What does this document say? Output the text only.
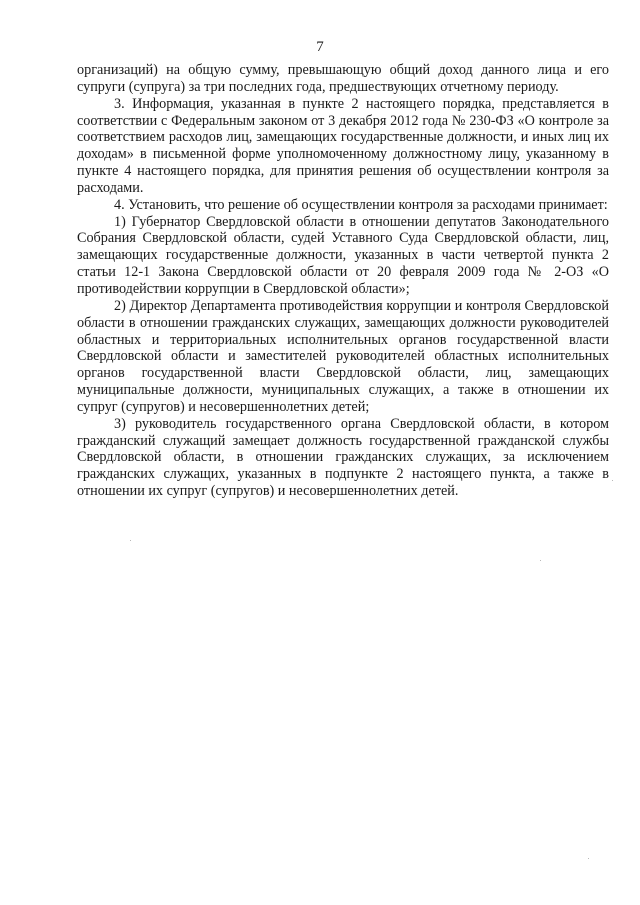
7

организаций) на общую сумму, превышающую общий доход данного лица и его супруги (супруга) за три последних года, предшествующих отчетному периоду.

3. Информация, указанная в пункте 2 настоящего порядка, представляется в соответствии с Федеральным законом от 3 декабря 2012 года № 230-ФЗ «О контроле за соответствием расходов лиц, замещающих государственные должности, и иных лиц их доходам» в письменной форме уполномоченному должностному лицу, указанному в пункте 4 настоящего порядка, для принятия решения об осуществлении контроля за расходами.

4. Установить, что решение об осуществлении контроля за расходами принимает:

1) Губернатор Свердловской области в отношении депутатов Законодательного Собрания Свердловской области, судей Уставного Суда Свердловской области, лиц, замещающих государственные должности, указанных в части четвертой пункта 2 статьи 12-1 Закона Свердловской области от 20 февраля 2009 года № 2-ОЗ «О противодействии коррупции в Свердловской области»;

2) Директор Департамента противодействия коррупции и контроля Свердловской области в отношении гражданских служащих, замещающих должности руководителей областных и территориальных исполнительных органов государственной власти Свердловской области и заместителей руководителей областных исполнительных органов государственной власти Свердловской области, лиц, замещающих муниципальные должности, муниципальных служащих, а также в отношении их супруг (супругов) и несовершеннолетних детей;

3) руководитель государственного органа Свердловской области, в котором гражданский служащий замещает должность государственной гражданской службы Свердловской области, в отношении гражданских служащих, за исключением гражданских служащих, указанных в подпункте 2 настоящего пункта, а также в отношении их супруг (супругов) и несовершеннолетних детей.
